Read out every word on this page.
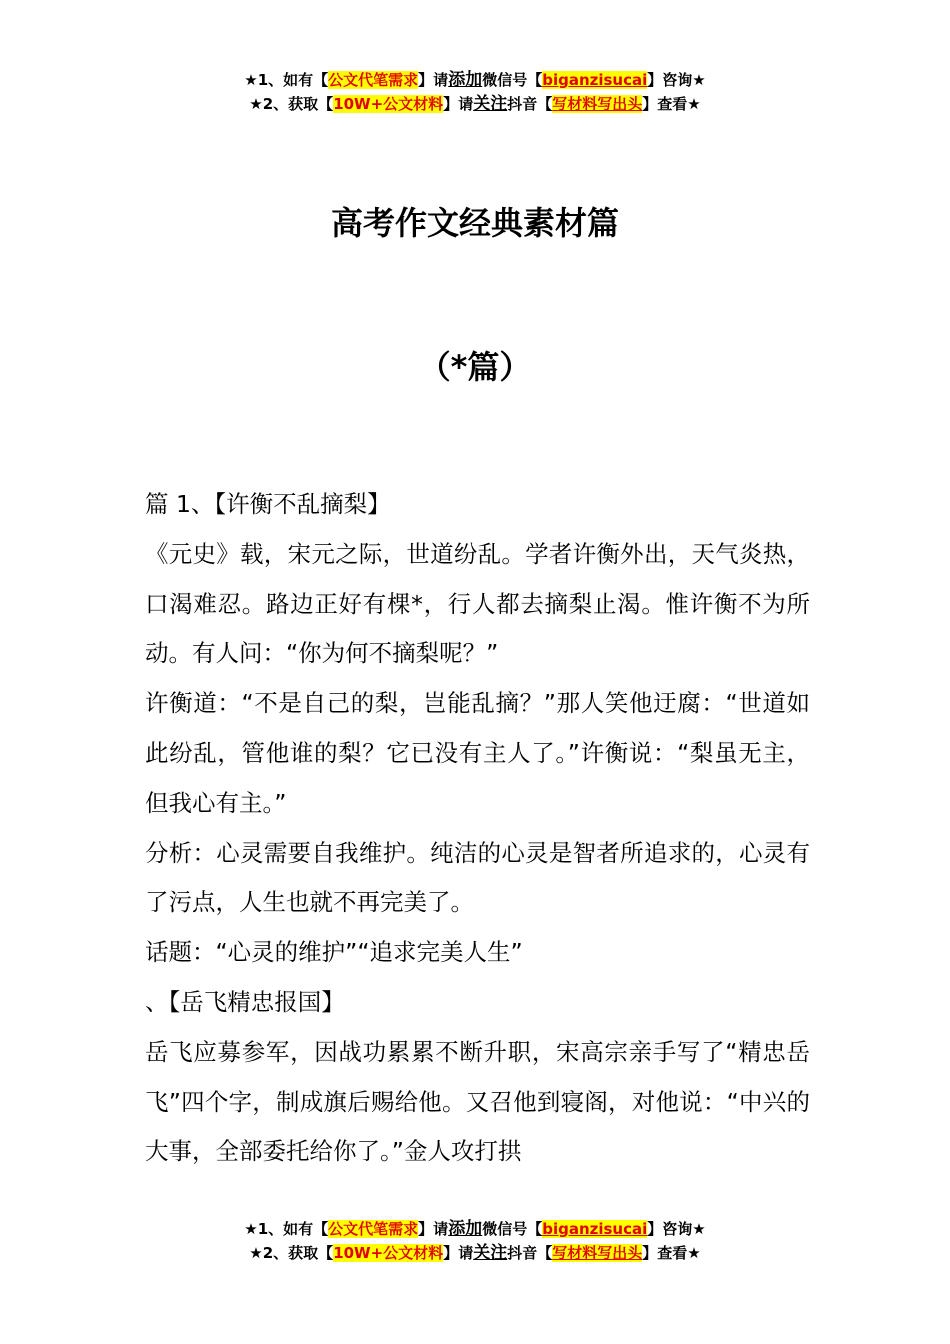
★1、如有【公文代笔需求】请添加微信号【biganzisucai】咨询★
★2、获取【10W+公文材料】请关注抖音【写材料写出头】查看★
高考作文经典素材篇
（*篇）

篇 1、【许衡不乱摘梨】

《元史》载，宋元之际，世道纷乱。学者许衡外出，天气炎热，口渴难忍。路边正好有棵*，行人都去摘梨止渴。惟许衡不为所动。有人问：“你为何不摘梨呢？”

许衡道：“不是自己的梨，岂能乱摘？”那人笑他迂腐：“世道如此纷乱，管他谁的梨？它已没有主人了。”许衡说：“梨虽无主，但我心有主。”

分析：心灵需要自我维护。纯洁的心灵是智者所追求的，心灵有了污点，人生也就不再完美了。

话题：“心灵的维护”“追求完美人生”

、【岳飞精忠报国】

岳飞应募参军，因战功累累不断升职，宋高宗亲手写了“精忠岳飞”四个字，制成旗后赐给他。又召他到寝阁，对他说：“中兴的大事，全部委托给你了。”金人攻打拱

★1、如有【公文代笔需求】请添加微信号【biganzisucai】咨询★
★2、获取【10W+公文材料】请关注抖音【写材料写出头】查看★
